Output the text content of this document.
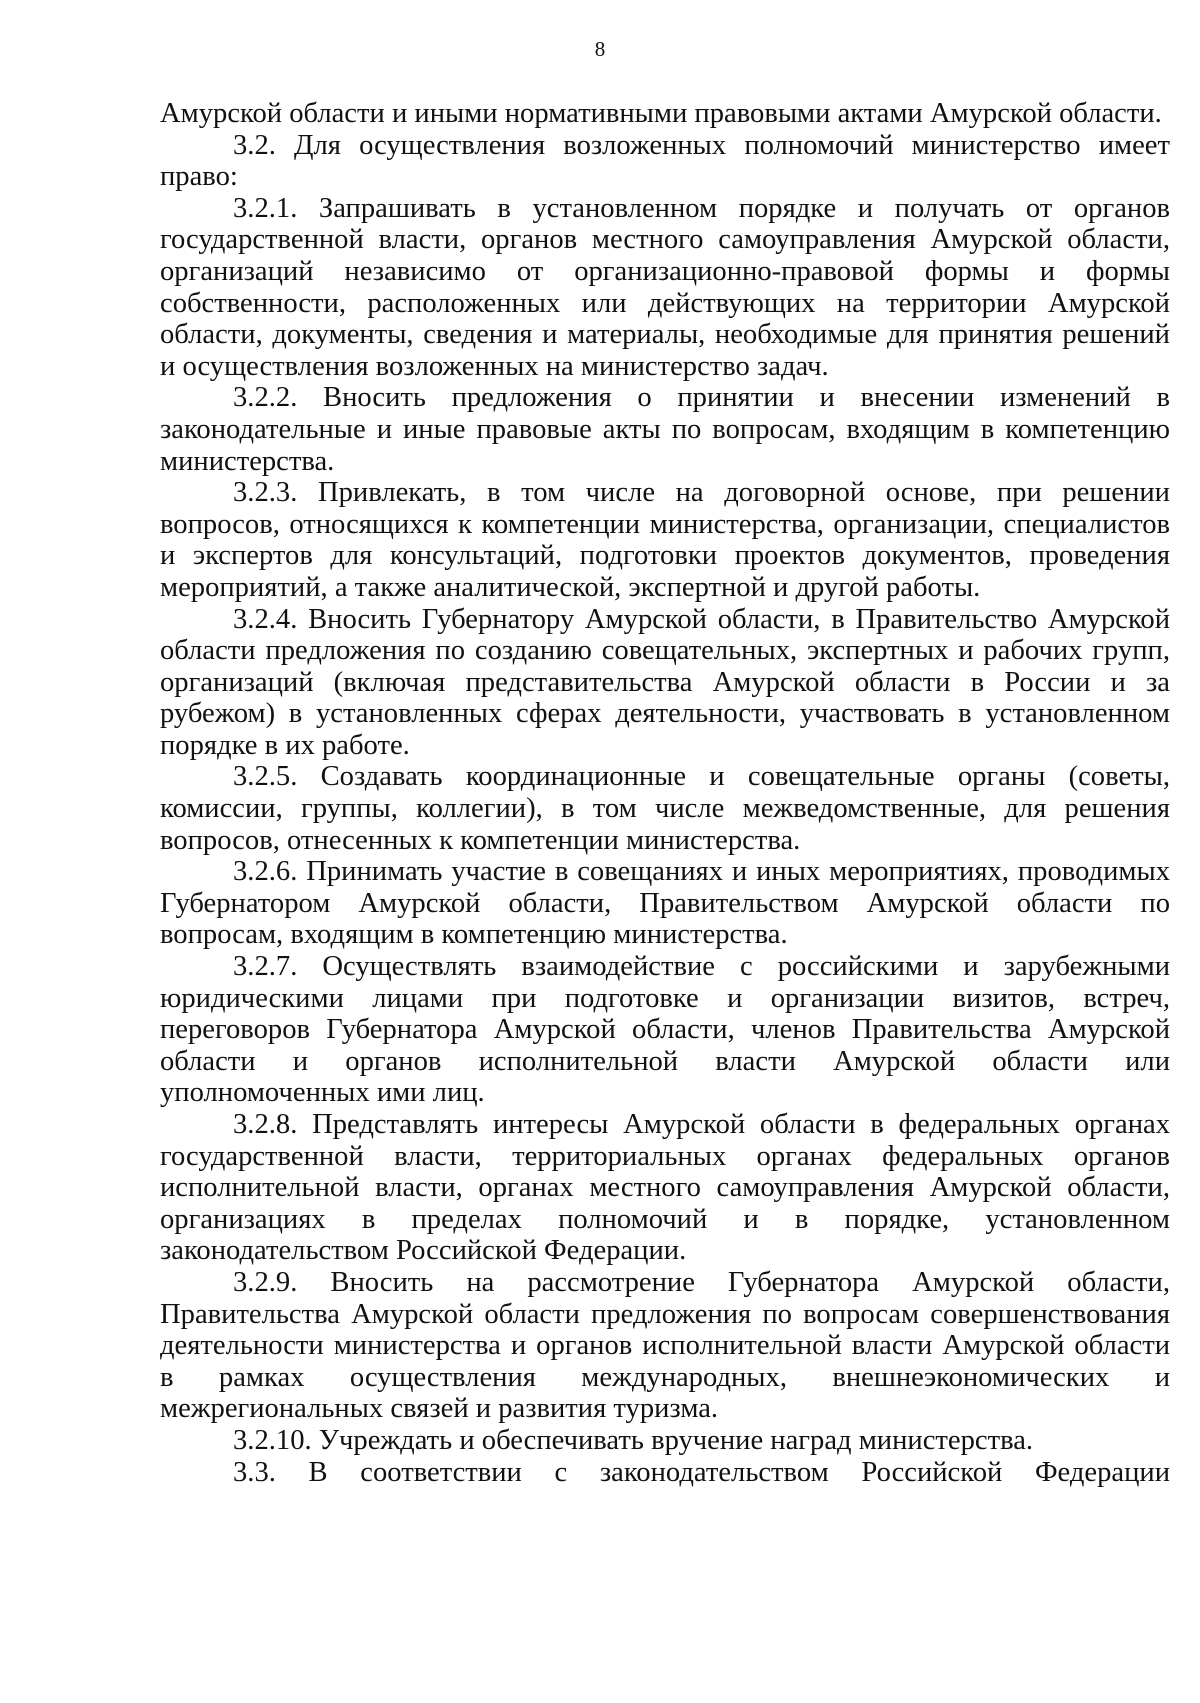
8

Амурской области и иными нормативными правовыми актами Амурской области.

3.2. Для осуществления возложенных полномочий министерство имеет право:

3.2.1. Запрашивать в установленном порядке и получать от органов государственной власти, органов местного самоуправления Амурской области, организаций независимо от организационно-правовой формы и формы собственности, расположенных или действующих на территории Амурской области, документы, сведения и материалы, необходимые для принятия решений и осуществления возложенных на министерство задач.

3.2.2. Вносить предложения о принятии и внесении изменений в законодательные и иные правовые акты по вопросам, входящим в компетенцию министерства.

3.2.3. Привлекать, в том числе на договорной основе, при решении вопросов, относящихся к компетенции министерства, организации, специалистов и экспертов для консультаций, подготовки проектов документов, проведения мероприятий, а также аналитической, экспертной и другой работы.

3.2.4. Вносить Губернатору Амурской области, в Правительство Амурской области предложения по созданию совещательных, экспертных и рабочих групп, организаций (включая представительства Амурской области в России и за рубежом) в установленных сферах деятельности, участвовать в установленном порядке в их работе.

3.2.5. Создавать координационные и совещательные органы (советы, комиссии, группы, коллегии), в том числе межведомственные, для решения вопросов, отнесенных к компетенции министерства.

3.2.6. Принимать участие в совещаниях и иных мероприятиях, проводимых Губернатором Амурской области, Правительством Амурской области по вопросам, входящим в компетенцию министерства.

3.2.7. Осуществлять взаимодействие с российскими и зарубежными юридическими лицами при подготовке и организации визитов, встреч, переговоров Губернатора Амурской области, членов Правительства Амурской области и органов исполнительной власти Амурской области или уполномоченных ими лиц.

3.2.8. Представлять интересы Амурской области в федеральных органах государственной власти, территориальных органах федеральных органов исполнительной власти, органах местного самоуправления Амурской области, организациях в пределах полномочий и в порядке, установленном законодательством Российской Федерации.

3.2.9. Вносить на рассмотрение Губернатора Амурской области, Правительства Амурской области предложения по вопросам совершенствования деятельности министерства и органов исполнительной власти Амурской области в рамках осуществления международных, внешнеэкономических и межрегиональных связей и развития туризма.

3.2.10. Учреждать и обеспечивать вручение наград министерства.

3.3. В соответствии с законодательством Российской Федерации
